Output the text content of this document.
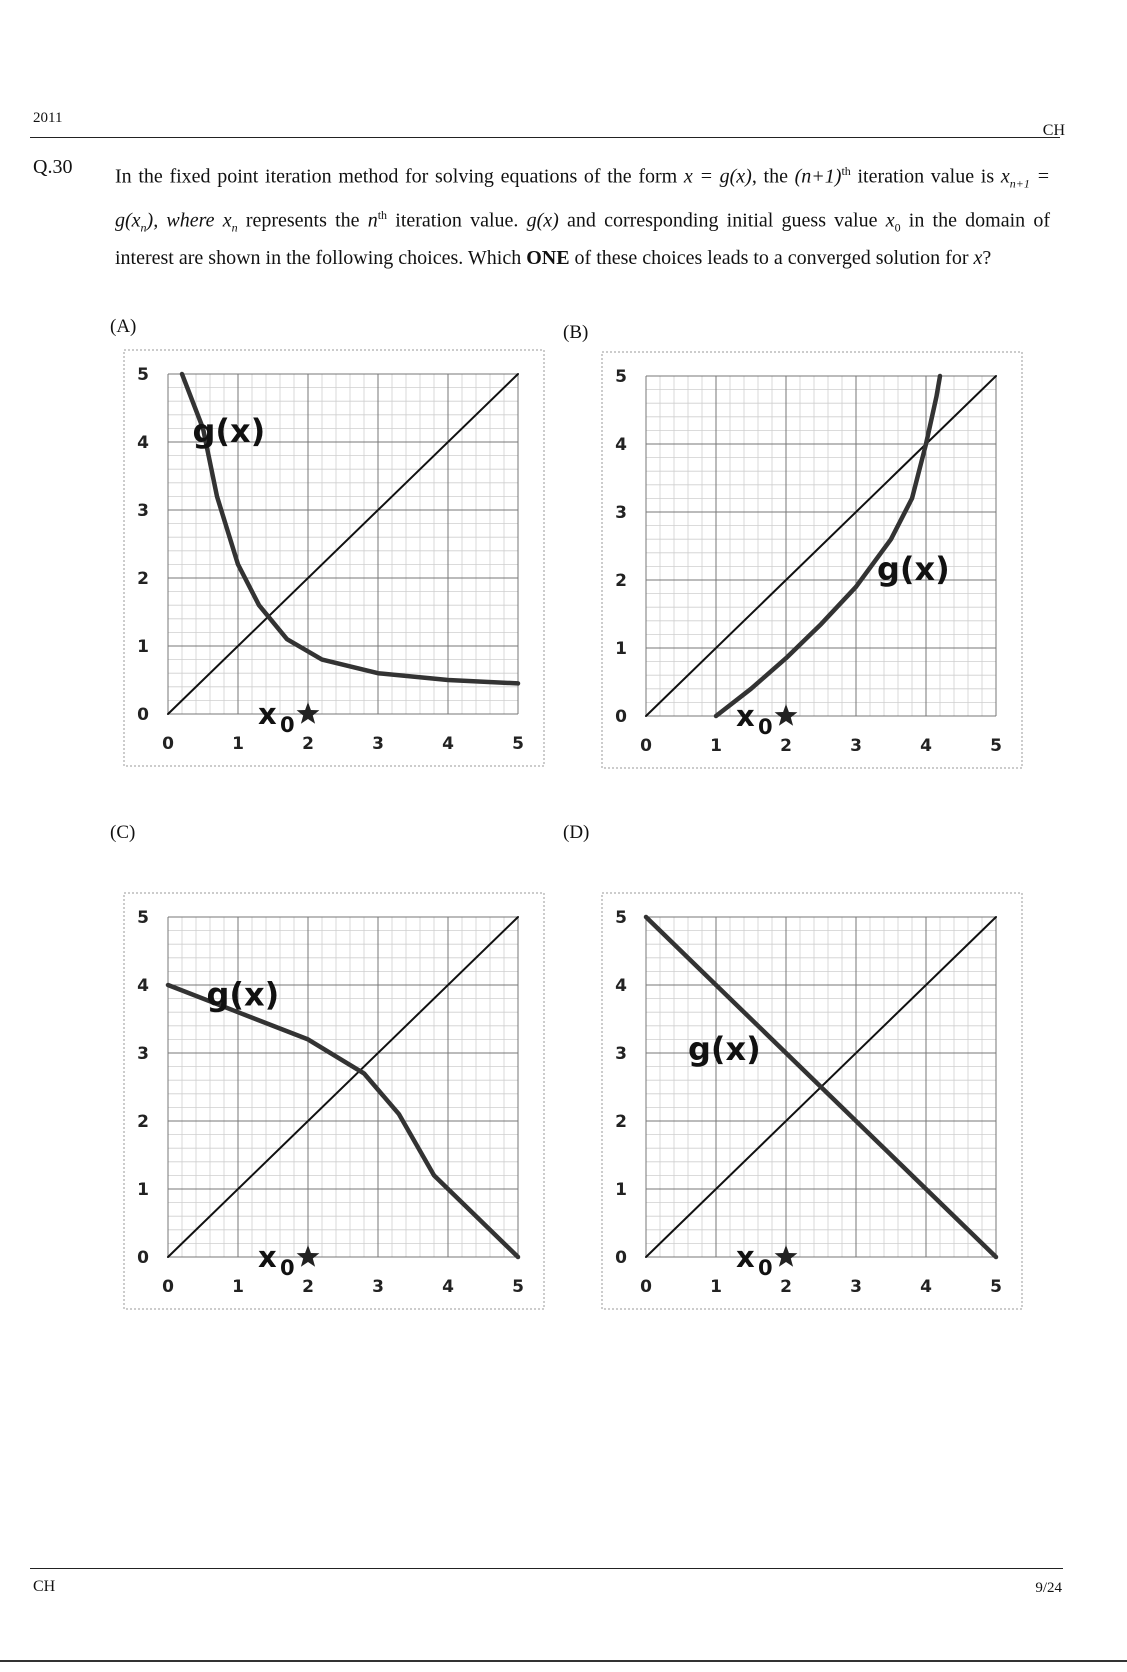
2011
CH
Q.30 In the fixed point iteration method for solving equations of the form x = g(x), the $(n+1)^{th}$ iteration value is $x_{n+1} = g(x_n)$, where $x_n$ represents the $n^{th}$ iteration value. g(x) and corresponding initial guess value $x_0$ in the domain of interest are shown in the following choices. Which ONE of these choices leads to a converged solution for x?
(A)	(B)
(C)	(D)
0	1	2	3	4	5
0
1
2
3
4
5
g(x)
x 0
0	1	2	3	4	5
0
1
2
3
4
5
g(x)
x 0
0	1	2	3	4	5
0
1
2
3
4
5
g(x)
x 0
0	1	2	3	4	5
0
1
2
3
4
5
g(x)
x 0
CH	9/24
